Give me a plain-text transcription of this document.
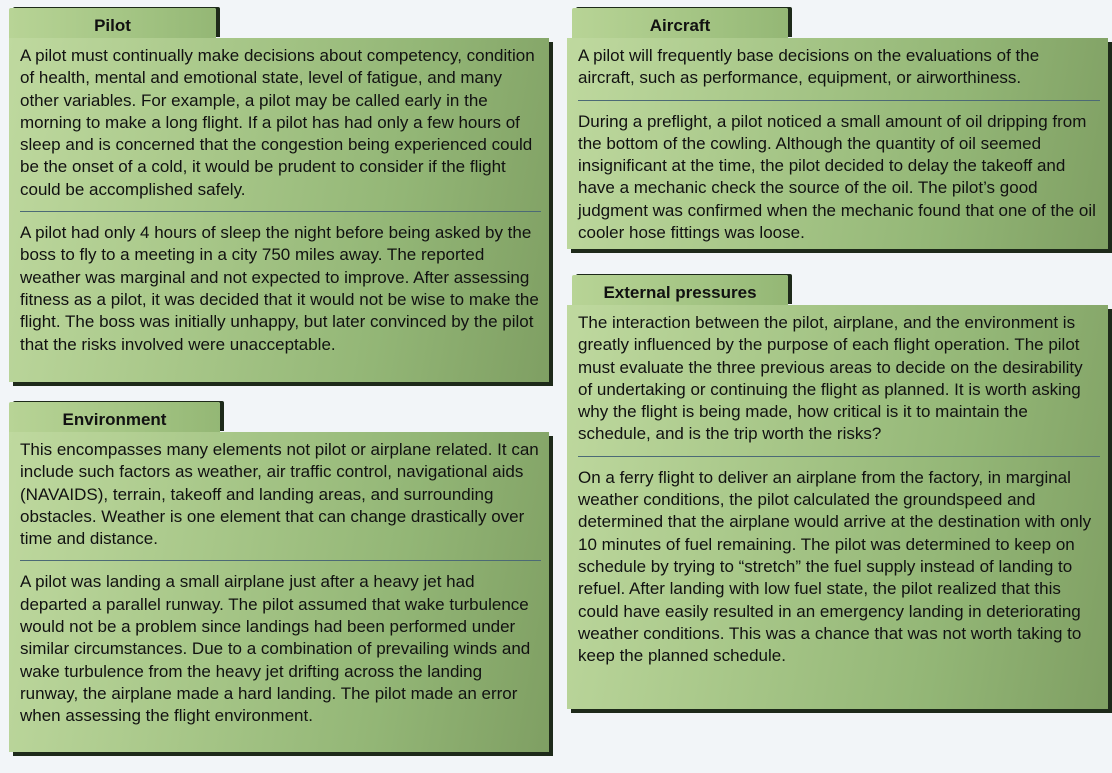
Pilot

A pilot must continually make decisions about competency, condition of health, mental and emotional state, level of fatigue, and many other variables. For example, a pilot may be called early in the morning to make a long flight. If a pilot has had only a few hours of sleep and is concerned that the congestion being experienced could be the onset of a cold, it would be prudent to consider if the flight could be accomplished safely.

A pilot had only 4 hours of sleep the night before being asked by the boss to fly to a meeting in a city 750 miles away. The reported weather was marginal and not expected to improve. After assessing fitness as a pilot, it was decided that it would not be wise to make the flight. The boss was initially unhappy, but later convinced by the pilot that the risks involved were unacceptable.

Environment

This encompasses many elements not pilot or airplane related. It can include such factors as weather, air traffic control, navigational aids (NAVAIDS), terrain, takeoff and landing areas, and surrounding obstacles. Weather is one element that can change drastically over time and distance.

A pilot was landing a small airplane just after a heavy jet had departed a parallel runway. The pilot assumed that wake turbulence would not be a problem since landings had been performed under similar circumstances. Due to a combination of prevailing winds and wake turbulence from the heavy jet drifting across the landing runway, the airplane made a hard landing. The pilot made an error when assessing the flight environment.

Aircraft

A pilot will frequently base decisions on the evaluations of the aircraft, such as performance, equipment, or airworthiness.

During a preflight, a pilot noticed a small amount of oil dripping from the bottom of the cowling. Although the quantity of oil seemed insignificant at the time, the pilot decided to delay the takeoff and have a mechanic check the source of the oil. The pilot’s good judgment was confirmed when the mechanic found that one of the oil cooler hose fittings was loose.

External pressures

The interaction between the pilot, airplane, and the environment is greatly influenced by the purpose of each flight operation. The pilot must evaluate the three previous areas to decide on the desirability of undertaking or continuing the flight as planned. It is worth asking why the flight is being made, how critical is it to maintain the schedule, and is the trip worth the risks?

On a ferry flight to deliver an airplane from the factory, in marginal weather conditions, the pilot calculated the groundspeed and determined that the airplane would arrive at the destination with only 10 minutes of fuel remaining. The pilot was determined to keep on schedule by trying to “stretch” the fuel supply instead of landing to refuel. After landing with low fuel state, the pilot realized that this could have easily resulted in an emergency landing in deteriorating weather conditions. This was a chance that was not worth taking to keep the planned schedule.
